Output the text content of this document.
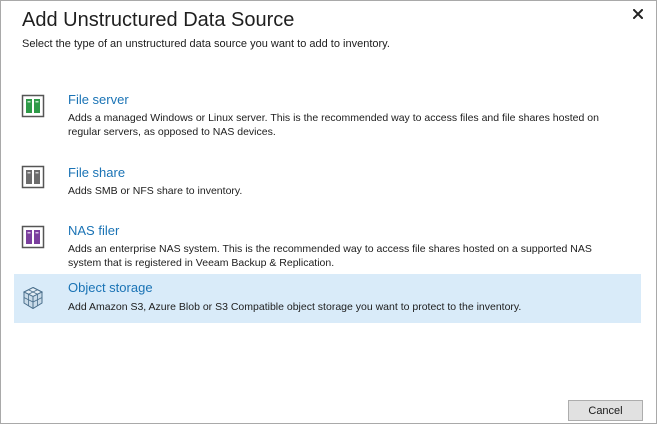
Add Unstructured Data Source
Select the type of an unstructured data source you want to add to inventory.
File server
Adds a managed Windows or Linux server. This is the recommended way to access files and file shares hosted on regular servers, as opposed to NAS devices.
File share
Adds SMB or NFS share to inventory.
NAS filer
Adds an enterprise NAS system. This is the recommended way to access file shares hosted on a supported NAS system that is registered in Veeam Backup & Replication.
Object storage
Add Amazon S3, Azure Blob or S3 Compatible object storage you want to protect to the inventory.
Cancel
